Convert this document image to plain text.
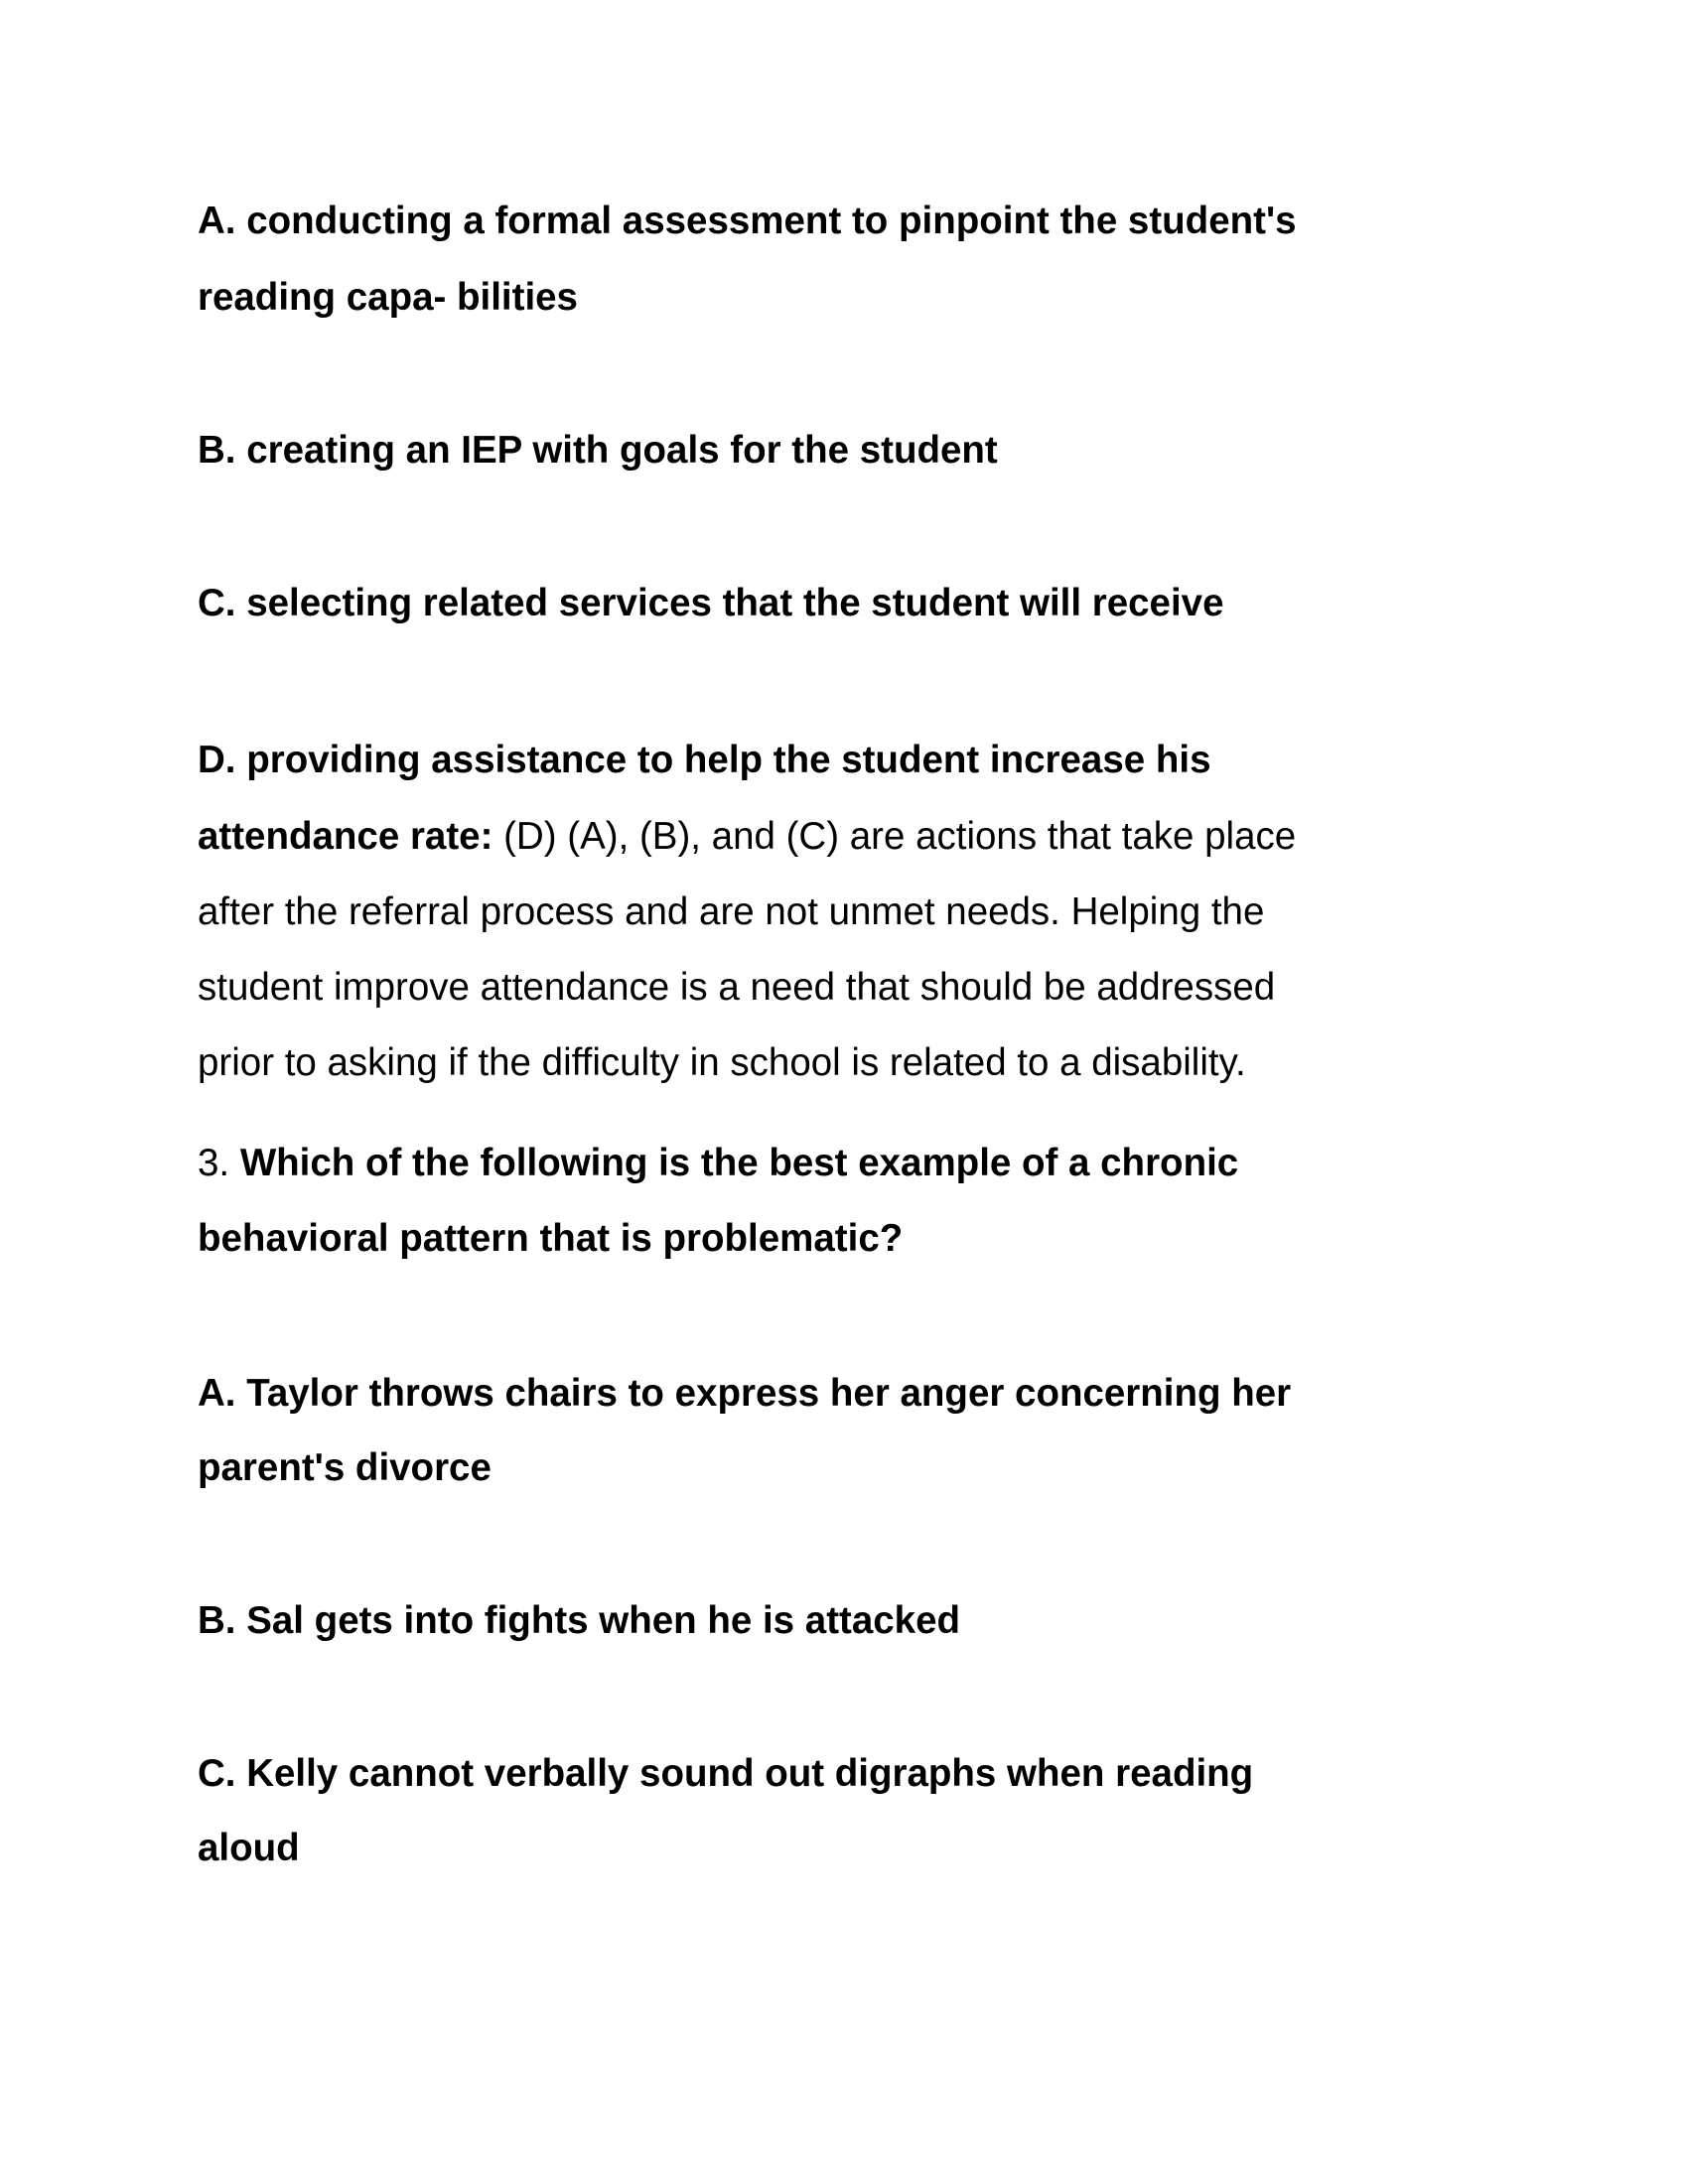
A. conducting a formal assessment to pinpoint the student's
reading capa- bilities
B. creating an IEP with goals for the student
C. selecting related services that the student will receive
D. providing assistance to help the student increase his
attendance rate: (D) (A), (B), and (C) are actions that take place
after the referral process and are not unmet needs. Helping the
student improve attendance is a need that should be addressed
prior to asking if the difficulty in school is related to a disability.
3. Which of the following is the best example of a chronic
behavioral pattern that is problematic?
A. Taylor throws chairs to express her anger concerning her
parent's divorce
B. Sal gets into fights when he is attacked
C. Kelly cannot verbally sound out digraphs when reading
aloud
